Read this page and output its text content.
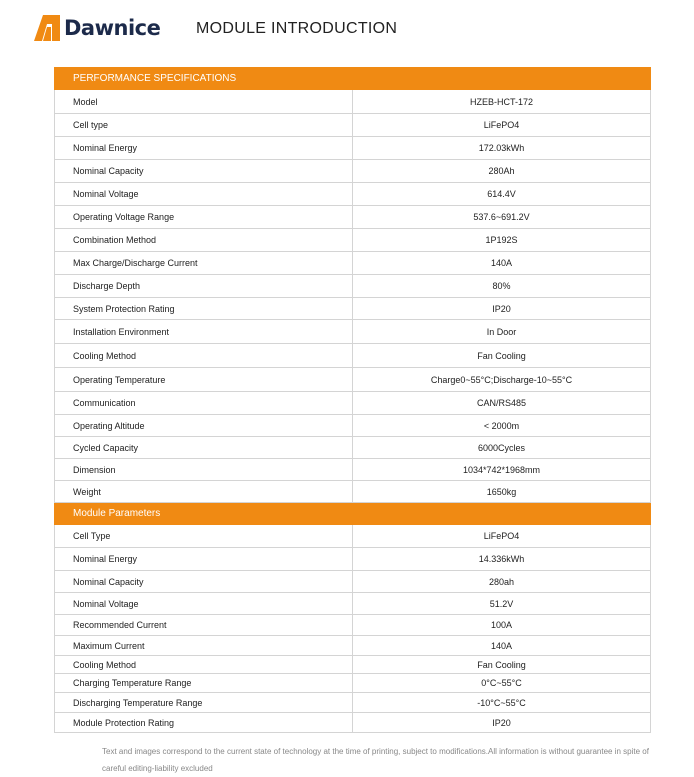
Dawnice MODULE INTRODUCTION
PERFORMANCE SPECIFICATIONS	
Model	HZEB-HCT-172
Cell type	LiFePO4
Nominal Energy	172.03kWh
Nominal Capacity	280Ah
Nominal Voltage	614.4V
Operating Voltage Range	537.6~691.2V
Combination Method	1P192S
Max Charge/Discharge Current	140A
Discharge Depth	80%
System Protection Rating	IP20
Installation Environment	In Door
Cooling Method	Fan Cooling
Operating Temperature	Charge0~55°C;Discharge-10~55°C
Communication	CAN/RS485
Operating Altitude	< 2000m
Cycled Capacity	6000Cycles
Dimension	1034*742*1968mm
Weight	1650kg
Module Parameters	
Cell Type	LiFePO4
Nominal Energy	14.336kWh
Nominal Capacity	280ah
Nominal Voltage	51.2V
Recommended Current	100A
Maximum Current	140A
Cooling Method	Fan Cooling
Charging Temperature Range	0°C~55°C
Discharging Temperature Range	-10°C~55°C
Module Protection Rating	IP20
Text and images correspond to the current state of technology at the time of printing, subject to modifications.All information is without guarantee in spite of careful editing-liability excluded
